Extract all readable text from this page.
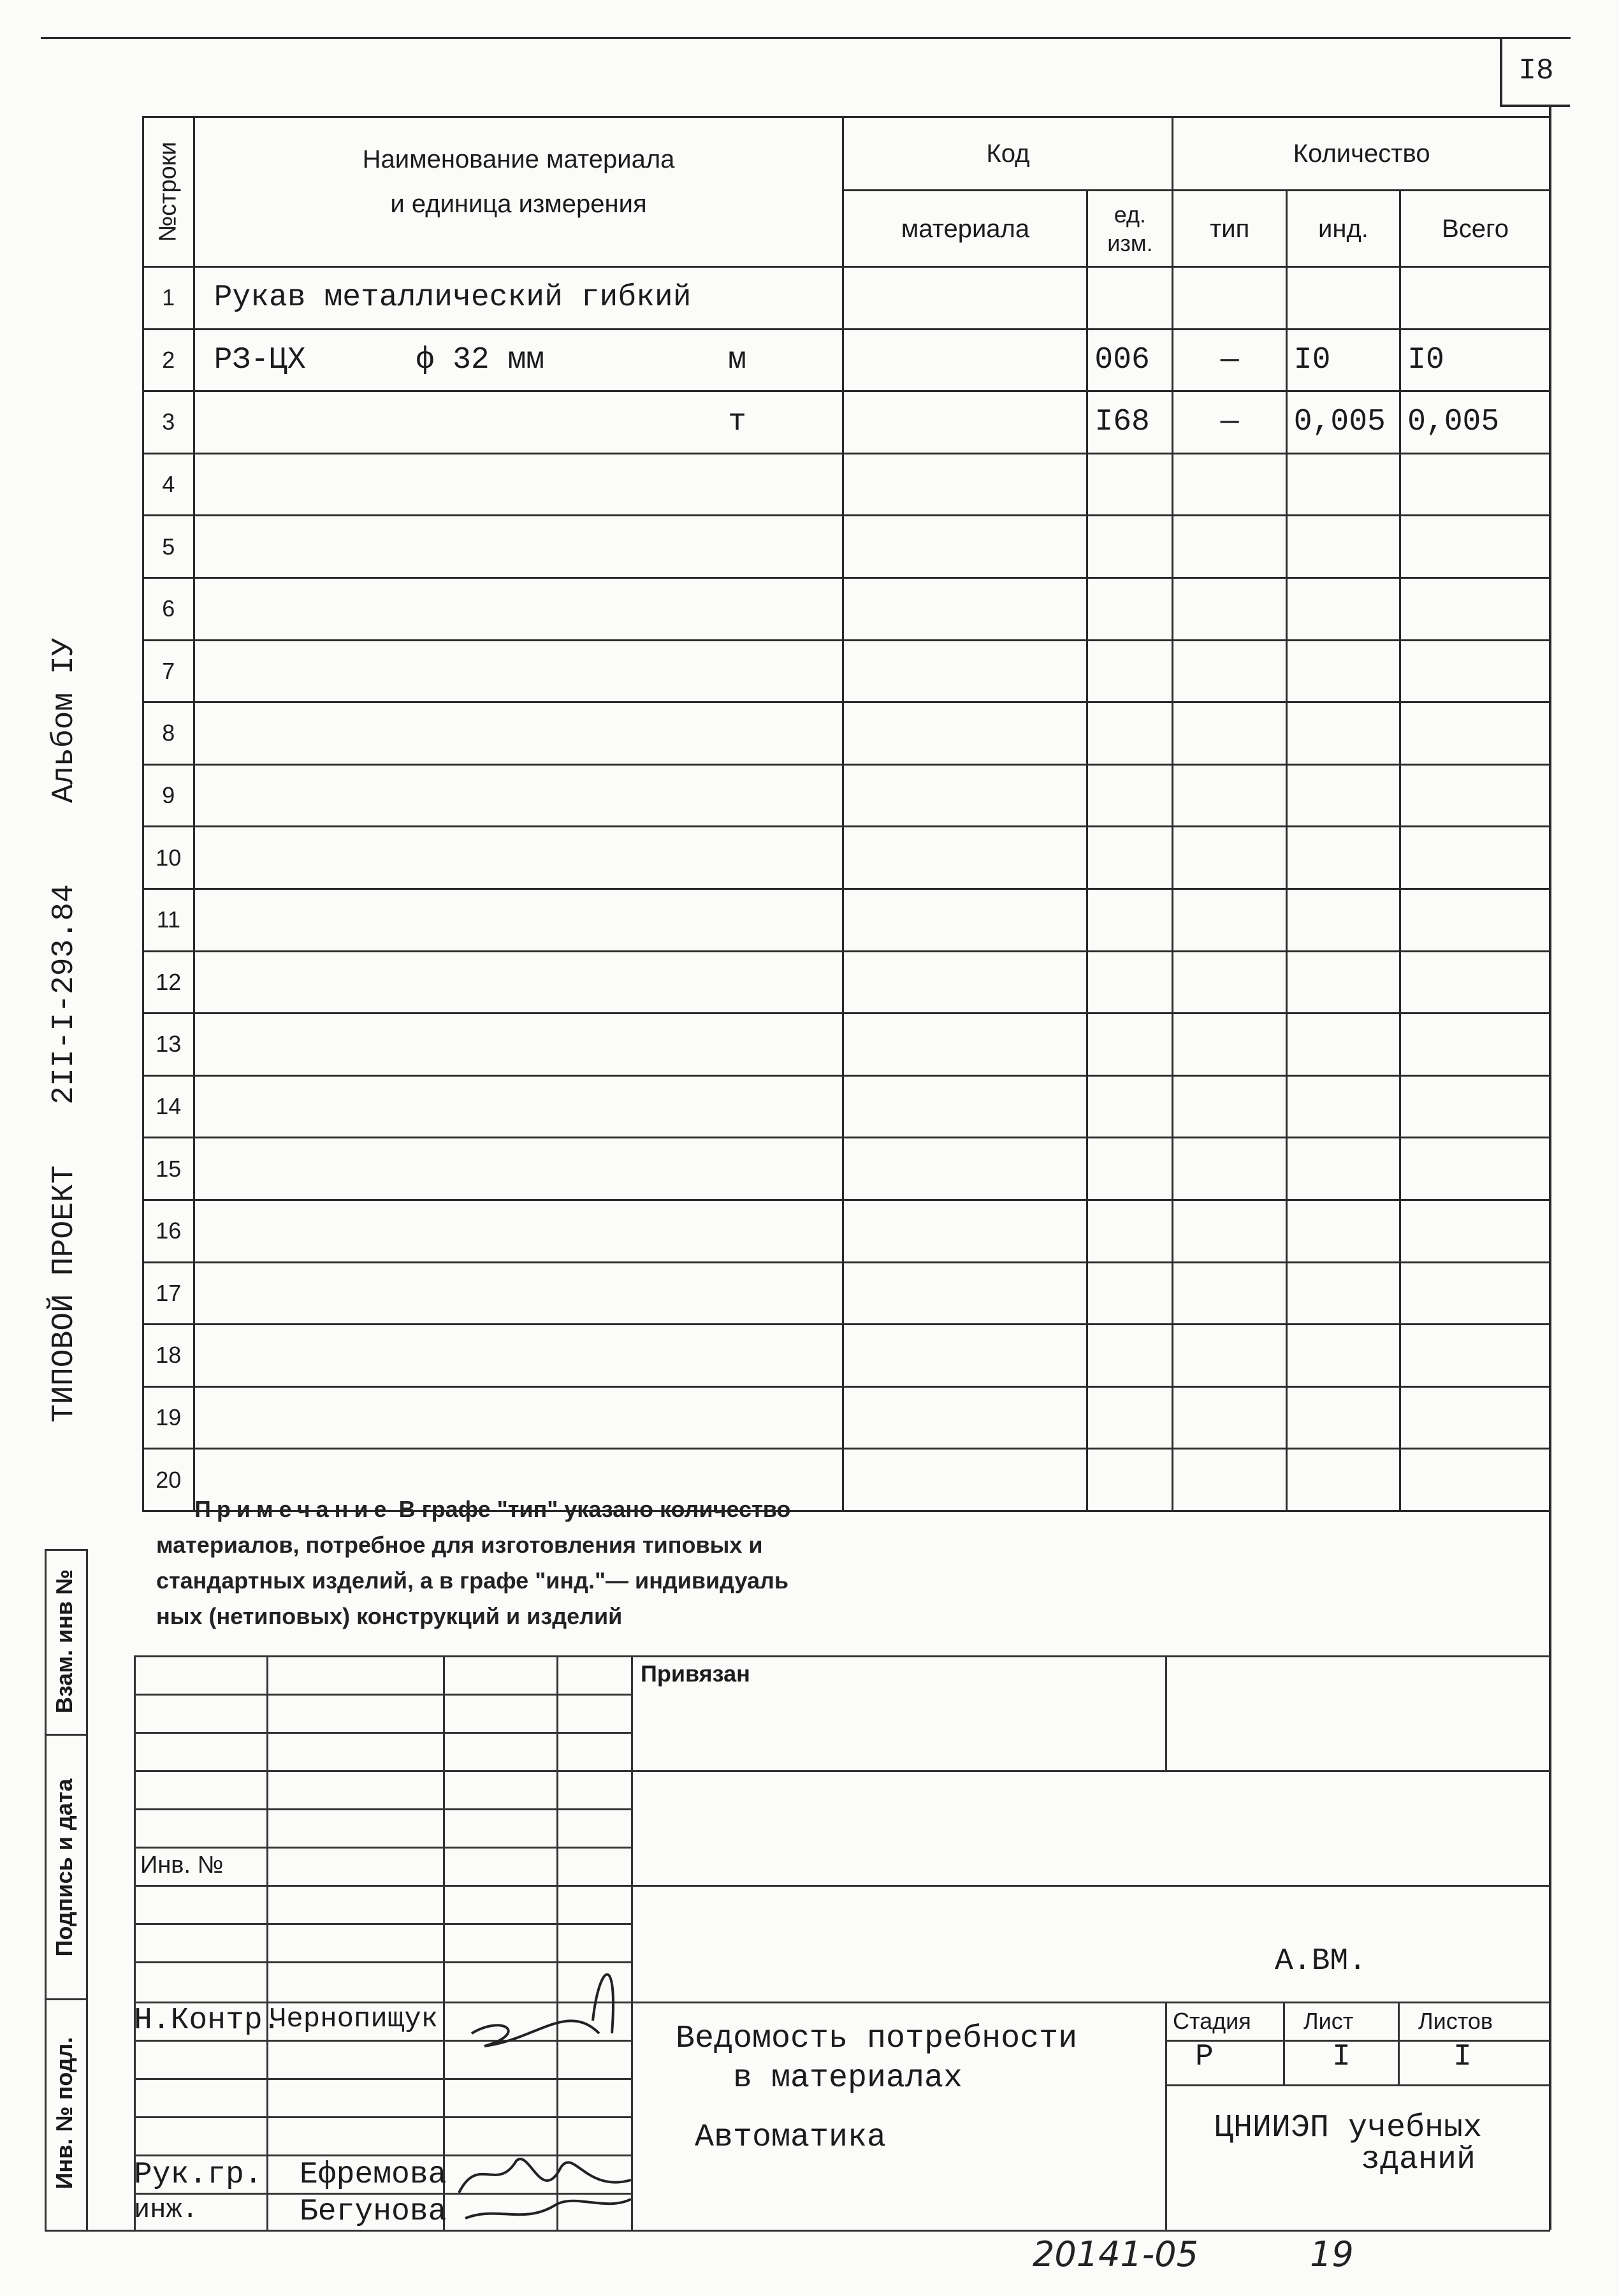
I8
Альбом IУ
2II-I-293.84
ТИПОВОЙ ПРОЕКТ
№строки	Наименование материала
и единица измерения	Код		Количество		
		материала	ед. изм.	тип	инд.	Всего
1	Рукав металлический гибкий					
2	РЗ-ЦХ      ф 32 мм          м		006	—	I0	I0
3	т		I68	—	0,005	0,005
4						
5						
6						
7						
8						
9						
10						
11						
12						
13						
14						
15						
16						
17						
18						
19						
20						
Примечание В графе "тип" указано количество
материалов, потребное для изготовления типовых и
стандартных изделий, а в графе "инд."— индивидуаль
ных (нетиповых) конструкций и изделий
Взам. инв №
Подпись и дата
Инв. № подл.
Привязан
Инв. №
А.ВМ.
Н.Контр.
Чернопищук
Рук.гр. Ефремова
инж.	Бегунова
Ведомость потребности
в материалах
Автоматика
Стадия Лист	Листов
Р	I	I
ЦНИИЭП учебных
зданий
20141-05	19
